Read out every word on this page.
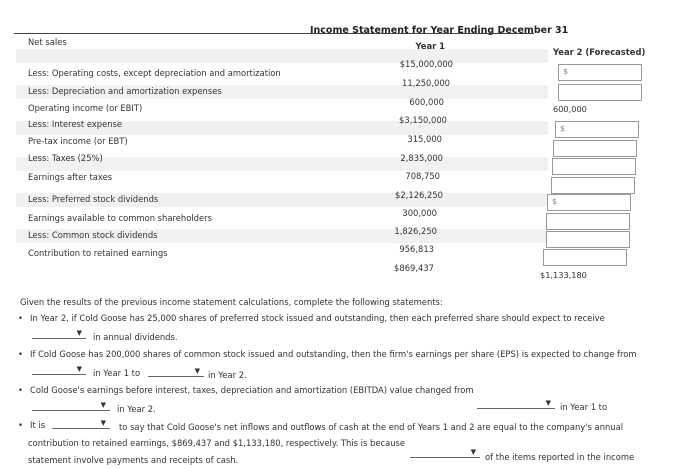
Income Statement for Year Ending December 31
Year 1
Year 2 (Forecasted)
Net sales
Less: Operating costs, except depreciation and amortization
Less: Depreciation and amortization expenses
Operating income (or EBIT)
Less: Interest expense
Pre-tax income (or EBT)
Less: Taxes (25%)
Earnings after taxes
Less: Preferred stock dividends
Earnings available to common shareholders
Less: Common stock dividends
Contribution to retained earnings
$15,000,000
11,250,000
600,000
$3,150,000
315,000
2,835,000
708,750
$2,126,250
300,000
1,826,250
956,813
$869,437
$
600,000
$
$
$1,133,180
Given the results of the previous income statement calculations, complete the following statements:
• In Year 2, if Cold Goose has 25,000 shares of preferred stock issued and outstanding, then each preferred share should expect to receive
▼ in annual dividends.
• If Cold Goose has 200,000 shares of common stock issued and outstanding, then the firm's earnings per share (EPS) is expected to change from
▼ in Year 1 to	▼ in Year 2.
• Cold Goose's earnings before interest, taxes, depreciation and amortization (EBITDA) value changed from
▼ in Year 1 to
▼ in Year 2.
• It is	▼ to say that Cold Goose's net inflows and outflows of cash at the end of Years 1 and 2 are equal to the company's annual
contribution to retained earnings, $869,437 and $1,133,180, respectively. This is because
▼ of the items reported in the income
statement involve payments and receipts of cash.
